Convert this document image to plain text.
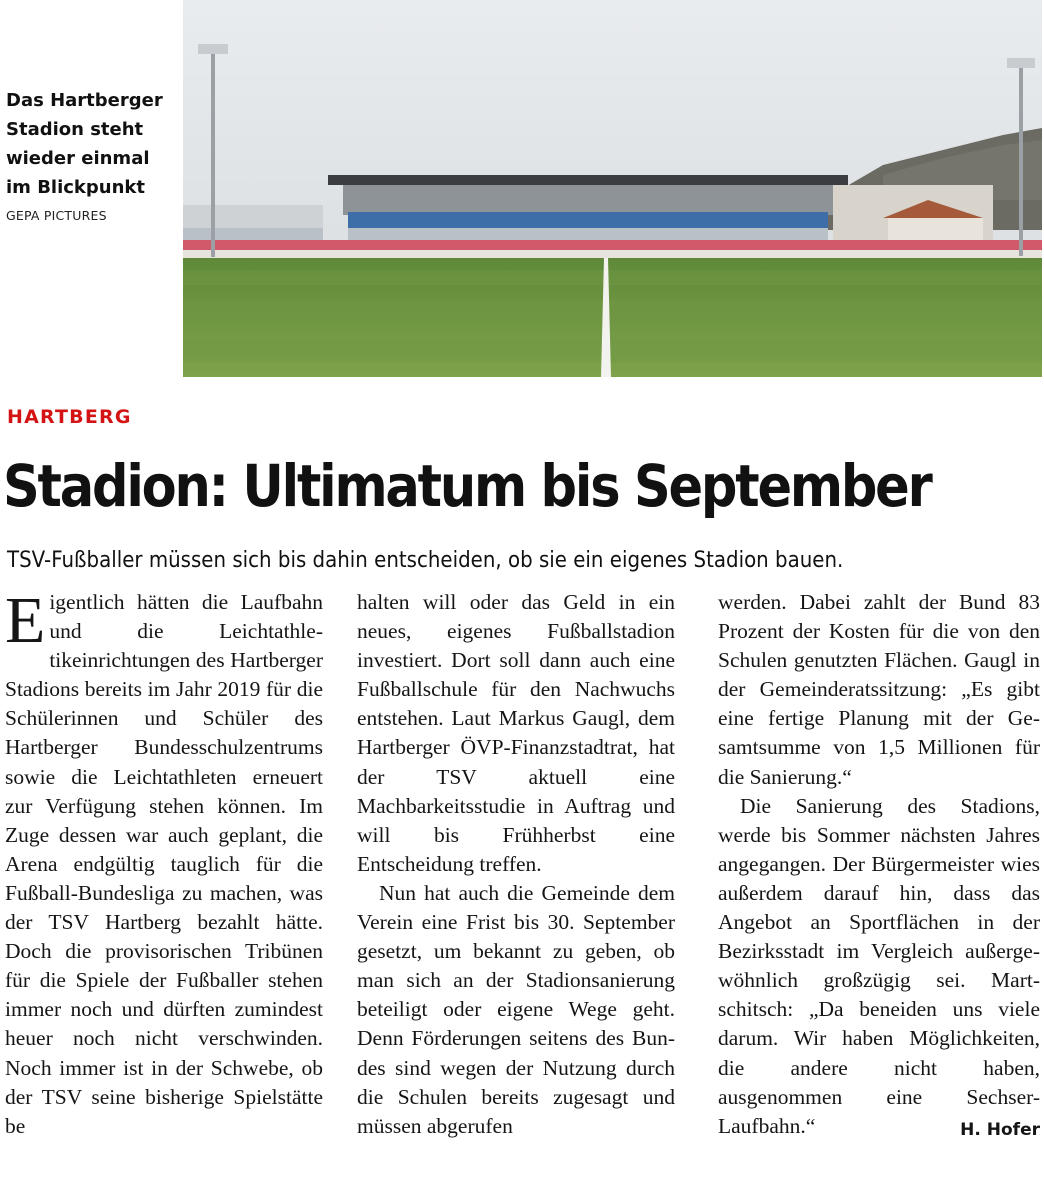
Das Hartberger
Stadion steht
wieder einmal
im Blickpunkt
GEPA PICTURES
HARTBERG
Stadion: Ultimatum bis September

TSV-Fußballer müssen sich bis dahin entscheiden, ob sie ein eigenes Stadion bauen.

Eigentlich hätten die Laufbahn und die Leichtathletikeinrichtungen des Hartberger Stadions bereits im Jahr 2019 für die Schülerinnen und Schüler des Hartberger Bundesschulzentrums sowie die Leichtathleten erneuert zur Verfügung stehen können. Im Zuge dessen war auch geplant, die Arena endgültig tauglich für die Fußball-Bundesliga zu machen, was der TSV Hartberg bezahlt hätte. Doch die provisorischen Tribünen für die Spiele der Fußballer stehen immer noch und dürften zumindest heuer noch nicht verschwinden. Noch immer ist in der Schwebe, ob der TSV seine bisherige Spielstätte be

halten will oder das Geld in ein neues, eigenes Fußballstadion investiert. Dort soll dann auch eine Fußballschule für den Nachwuchs entstehen. Laut Markus Gaugl, dem Hartberger ÖVP-Finanzstadtrat, hat der TSV aktuell eine Machbarkeitsstudie in Auftrag und will bis Frühherbst eine Entscheidung treffen.

Nun hat auch die Gemeinde dem Verein eine Frist bis 30. September gesetzt, um bekannt zu geben, ob man sich an der Stadionsanierung beteiligt oder eigene Wege geht. Denn Förderungen seitens des Bundes sind wegen der Nutzung durch die Schulen bereits zugesagt und müssen abgerufen

werden. Dabei zahlt der Bund 83 Prozent der Kosten für die von den Schulen genutzten Flächen. Gaugl in der Gemeinderatssitzung: „Es gibt eine fertige Planung mit der Gesamtsumme von 1,5 Millionen für die Sanierung.“

Die Sanierung des Stadions, werde bis Sommer nächsten Jahres angegangen. Der Bürgermeister wies außerdem darauf hin, dass das Angebot an Sportflächen in der Bezirksstadt im Vergleich außergewöhnlich großzügig sei. Martschitsch: „Da beneiden uns viele darum. Wir haben Möglichkeiten, die andere nicht haben, ausgenommen eine Sechser-Laufbahn.“	H. Hofer
